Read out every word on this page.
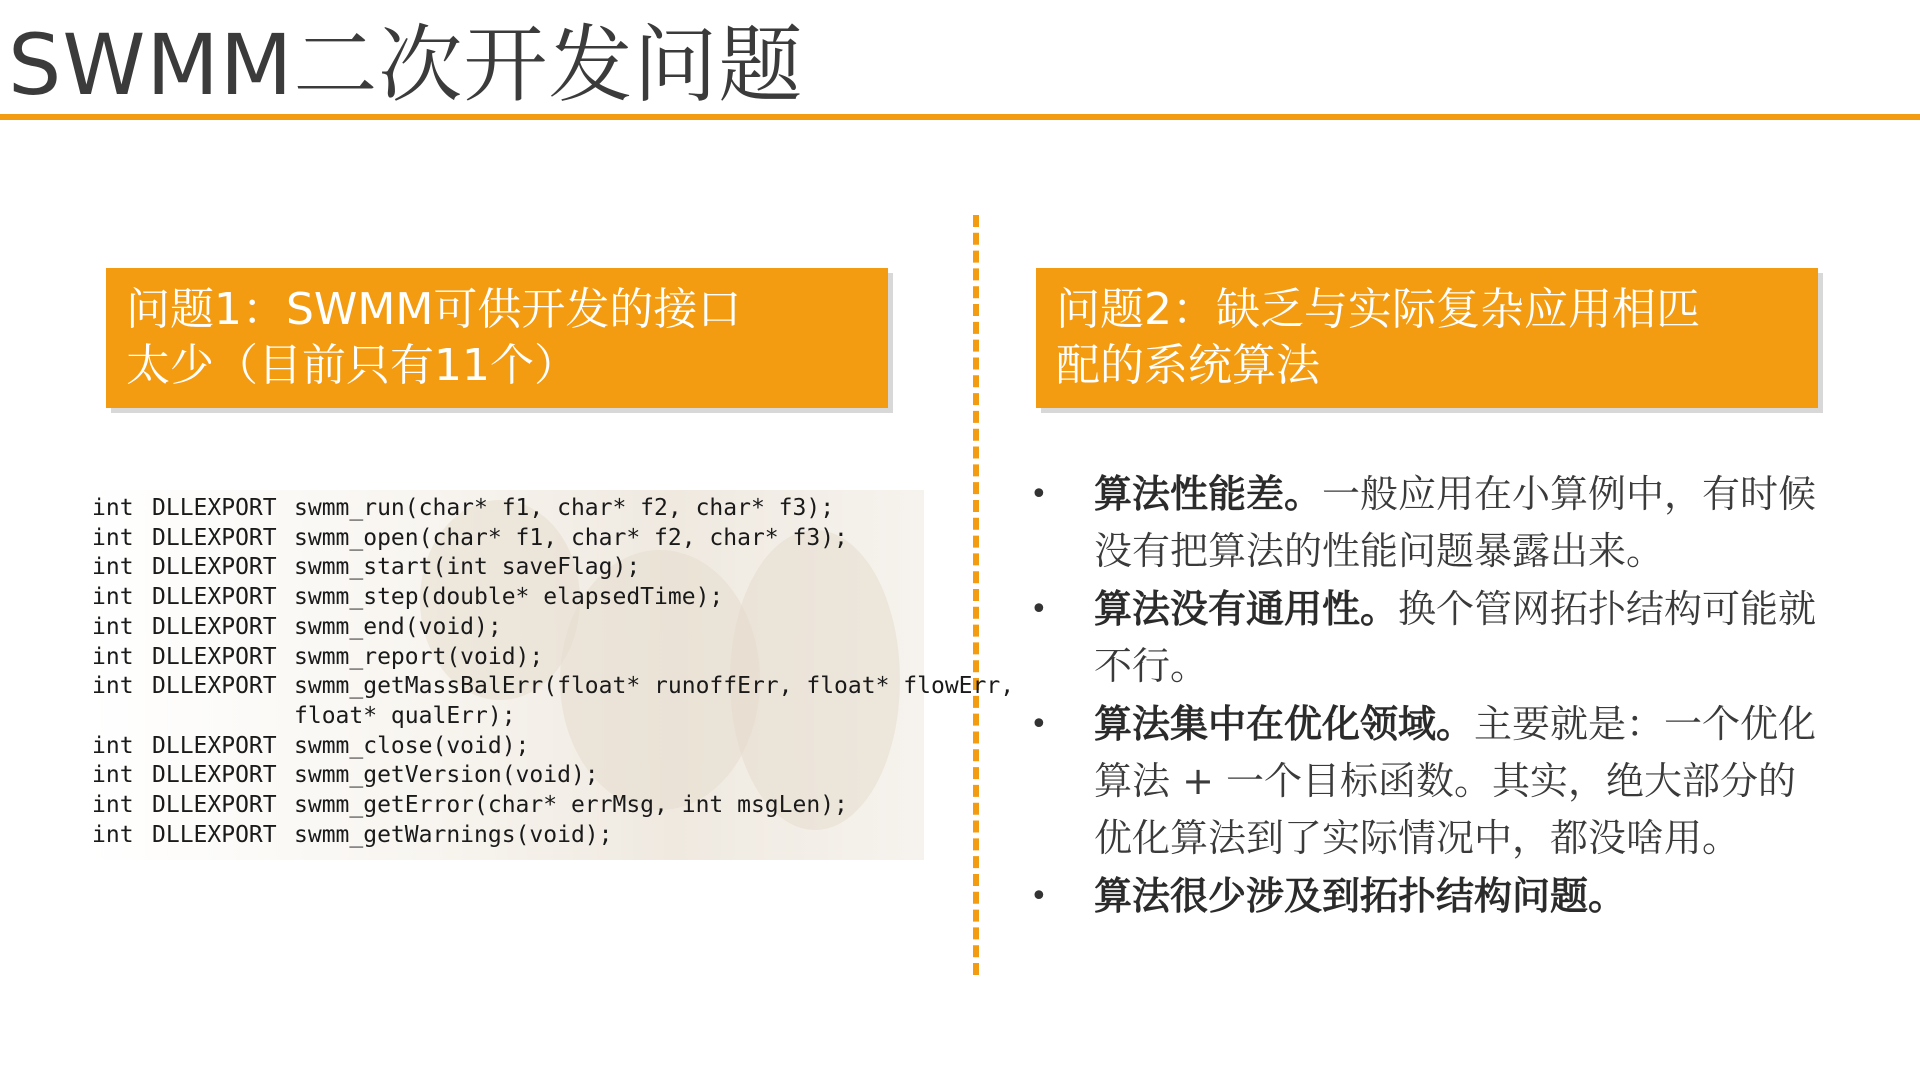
SWMM二次开发问题
问题1：SWMM可供开发的接口
太少（目前只有11个）
问题2：缺乏与实际复杂应用相匹
配的系统算法
int DLLEXPORT swmm_run(char* f1, char* f2, char* f3);
int DLLEXPORT swmm_open(char* f1, char* f2, char* f3);
int DLLEXPORT swmm_start(int saveFlag);
int DLLEXPORT swmm_step(double* elapsedTime);
int DLLEXPORT swmm_end(void);
int DLLEXPORT swmm_report(void);
int DLLEXPORT swmm_getMassBalErr(float* runoffErr, float* flowErr,
float* qualErr);
int DLLEXPORT swmm_close(void);
int DLLEXPORT swmm_getVersion(void);
int DLLEXPORT swmm_getError(char* errMsg, int msgLen);
int DLLEXPORT swmm_getWarnings(void);
• 算法性能差。一般应用在小算例中，有时候没有把算法的性能问题暴露出来。
• 算法没有通用性。换个管网拓扑结构可能就不行。
• 算法集中在优化领域。主要就是：一个优化算法 + 一个目标函数。其实，绝大部分的优化算法到了实际情况中，都没啥用。
• 算法很少涉及到拓扑结构问题。
